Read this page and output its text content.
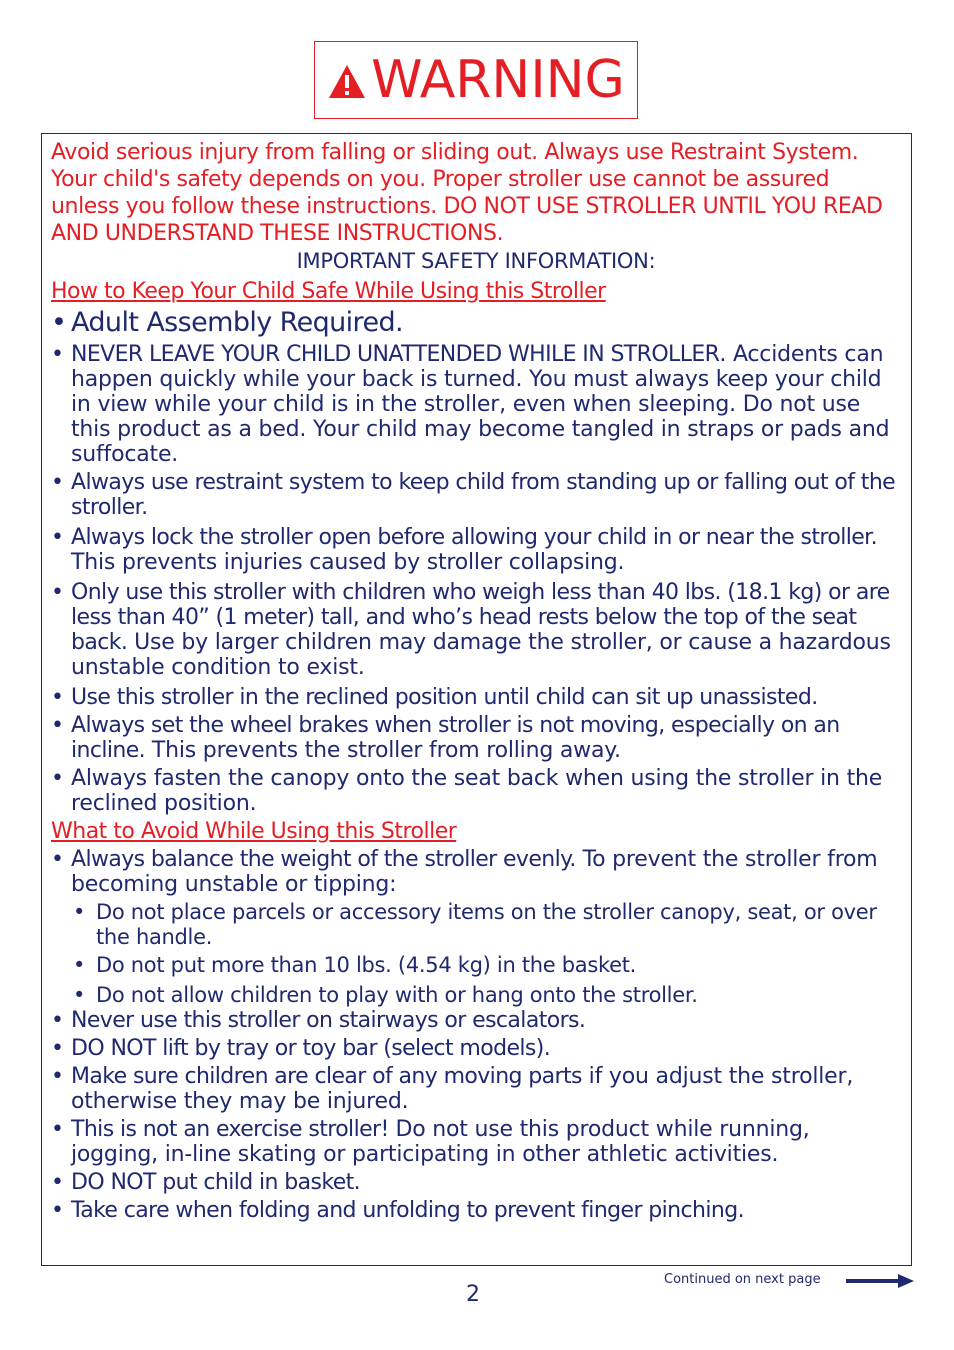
WARNING

Avoid serious injury from falling or sliding out. Always use Restraint System. Your child's safety depends on you. Proper stroller use cannot be assured unless you follow these instructions. DO NOT USE STROLLER UNTIL YOU READ AND UNDERSTAND THESE INSTRUCTIONS.

IMPORTANT SAFETY INFORMATION:
How to Keep Your Child Safe While Using this Stroller
• Adult Assembly Required.
• NEVER LEAVE YOUR CHILD UNATTENDED WHILE IN STROLLER. Accidents can happen quickly while your back is turned. You must always keep your child in view while your child is in the stroller, even when sleeping. Do not use this product as a bed. Your child may become tangled in straps or pads and suffocate.
• Always use restraint system to keep child from standing up or falling out of the stroller.
• Always lock the stroller open before allowing your child in or near the stroller. This prevents injuries caused by stroller collapsing.
• Only use this stroller with children who weigh less than 40 lbs. (18.1 kg) or are less than 40” (1 meter) tall, and who’s head rests below the top of the seat back. Use by larger children may damage the stroller, or cause a hazardous unstable condition to exist.
• Use this stroller in the reclined position until child can sit up unassisted.
• Always set the wheel brakes when stroller is not moving, especially on an incline. This prevents the stroller from rolling away.
• Always fasten the canopy onto the seat back when using the stroller in the reclined position.
What to Avoid While Using this Stroller
• Always balance the weight of the stroller evenly. To prevent the stroller from becoming unstable or tipping:
• Do not place parcels or accessory items on the stroller canopy, seat, or over the handle.
• Do not put more than 10 lbs. (4.54 kg) in the basket.
• Do not allow children to play with or hang onto the stroller.
• Never use this stroller on stairways or escalators.
• DO NOT lift by tray or toy bar (select models).
• Make sure children are clear of any moving parts if you adjust the stroller, otherwise they may be injured.
• This is not an exercise stroller! Do not use this product while running, jogging, in-line skating or participating in other athletic activities.
• DO NOT put child in basket.
• Take care when folding and unfolding to prevent finger pinching.
2
Continued on next page
